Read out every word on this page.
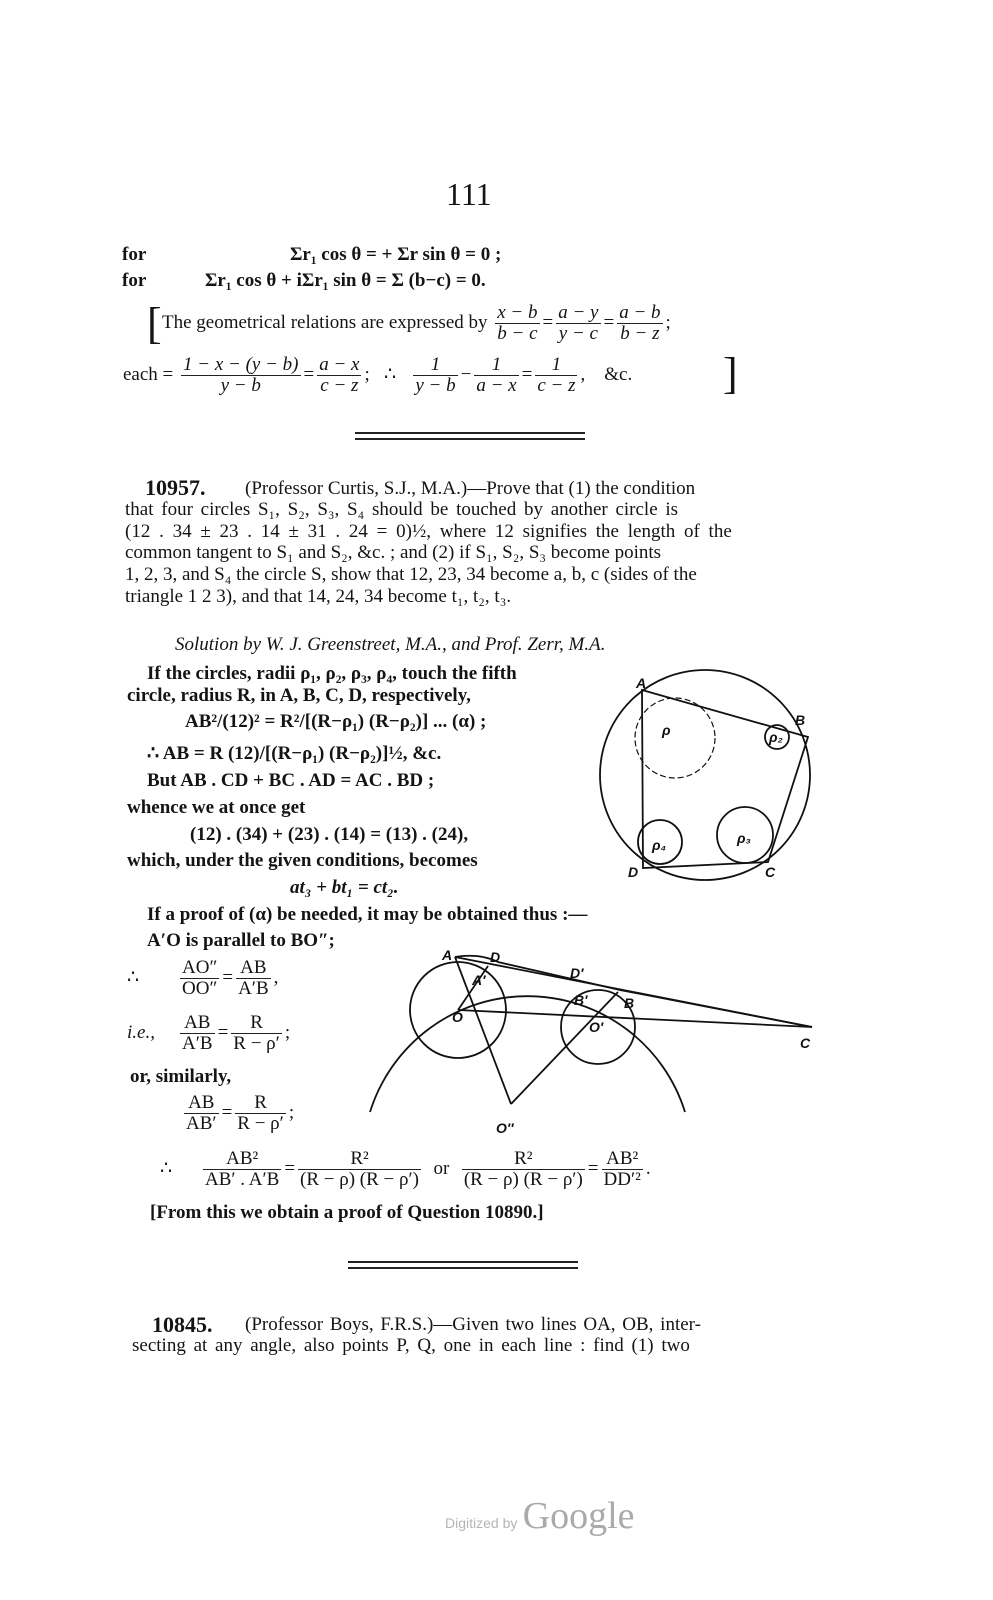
111
for	Σr₁ cos θ = + Σr sin θ = 0 ;
for	Σr₁ cos θ + iΣr₁ sin θ = Σ (b−c) = 0.
[ The geometrical relations are expressed by $\frac{x - b}{b - c} = \frac{a - y}{y - c} = \frac{a - b}{b - z}$ ;
each = $\frac{1 - x - (y - b)}{y - b} = \frac{a - x}{c - z}$ ;   ∴ $\frac{1}{y - b} - \frac{1}{a - x} = \frac{1}{c - z}$ ,    &c. ]
10957. (Professor Curtis, S.J., M.A.)—Prove that (1) the condition
that four circles S₁, S₂, S₃, S₄ should be touched by another circle is
(12 . 34 ± 23 . 14 ± 31 . 24 = 0)½, where 12 signifies the length of the
common tangent to S₁ and S₂, &c. ; and (2) if S₁, S₂, S₃ become points
1, 2, 3, and S₄ the circle S, show that 12, 23, 34 become a, b, c (sides of the
triangle 1 2 3), and that 14, 24, 34 become t₁, t₂, t₃.
Solution by W. J. Greenstreet, M.A., and Prof. Zerr, M.A.
If the circles, radii ρ₁, ρ₂, ρ₃, ρ₄, touch the fifth
circle, radius R, in A, B, C, D, respectively,
AB²/(12)² = R²/[(R−ρ₁) (R−ρ₂)] ... (α) ;
∴ AB = R (12)/[(R−ρ₁) (R−ρ₂)]½, &c.
But AB . CD + BC . AD = AC . BD ;
whence we at once get
(12) . (34) + (23) . (14) = (13) . (24),
which, under the given conditions, becomes
at₃ + bt₁ = ct₂.
If a proof of (α) be needed, it may be obtained thus :—
A′O is parallel to BO″;
∴ $\frac{AO''}{OO''} = \frac{AB}{A'B}$ ,
i.e., $\frac{AB}{A'B} = \frac{R}{R - \rho'}$ ;
or, similarly,
$\frac{AB}{AB'} = \frac{R}{R - \rho'}$ ;
∴ $\frac{\text{AB²}}{AB' . A'B} = \frac{\text{R²}}{(R - \rho) (R - \rho')}$ or $\frac{\text{R²}}{(R - \rho) (R - \rho')} = \frac{\text{AB²}}{\text{DD′²}}$ .
[From this we obtain a proof of Question 10890.]
10845. (Professor Boys, F.R.S.)—Given two lines OA, OB, inter-
secting at any angle, also points P, Q, one in each line : find (1) two
Digitized by Google
A
B
C
D
ρ	ρ₂
ρ₃
ρ₄
A	D
A′	D′
B′	B
O
O′
O″
C
